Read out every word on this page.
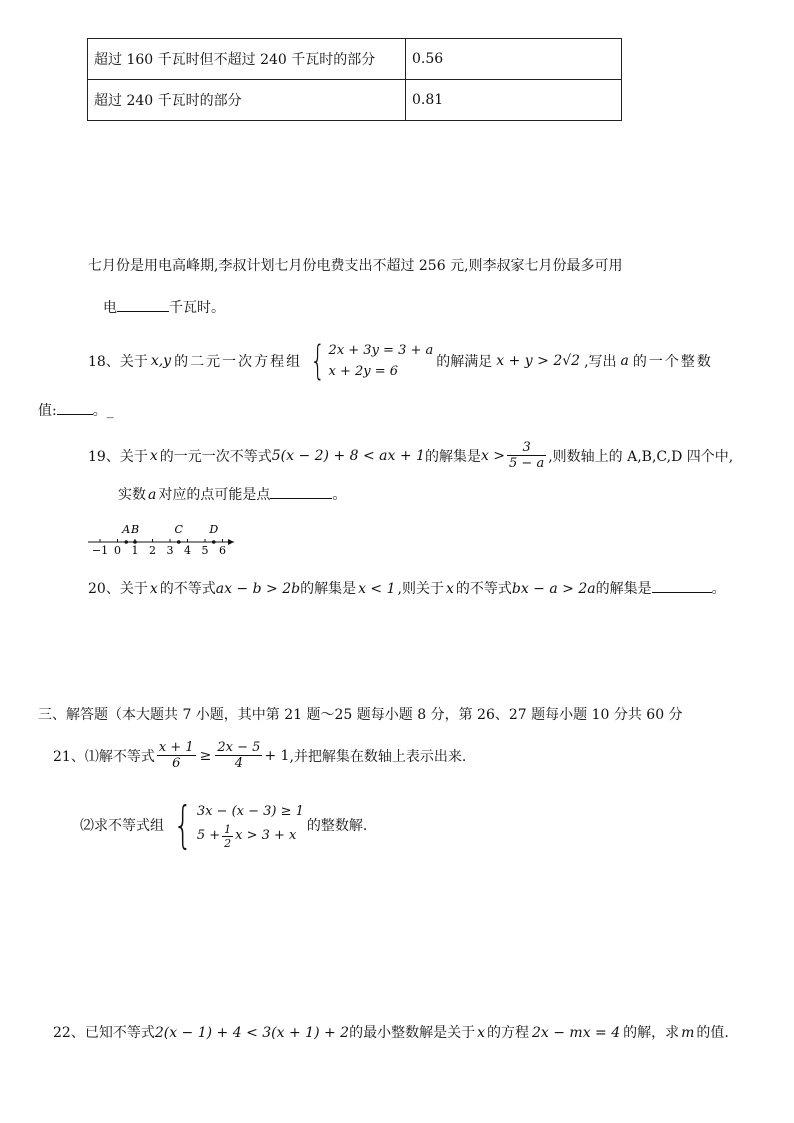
超过 160 千瓦时但不超过 240 千瓦时的部分	0.56
超过 240 千瓦时的部分	0.81
七月份是用电高峰期,李叔计划七月份电费支出不超过 256 元,则李叔家七月份最多可用
电	千瓦时。
18、关于 x,y 的二元一次方程组 { 2x + 3y = 3 + a
x + 2y = 6
的解满足 x + y > 2√2 ,写出 a 的一个整数
值:	。_
19、关于 x 的一元一次不等式 5(x − 2) + 8 < ax + 1 的解集是 $x > \frac{3}{5 - a}$ ,则数轴上的 A,B,C,D 四个中,
实数 a 对应的点可能是点	。
−1 0 1 2 3 4 5 6
A B	C D
20、关于 x 的不等式ax − b > 2b的解集是 x < 1 ,则关于 x 的不等式bx − a > 2a的解集是	。
三、解答题（本大题共 7 小题，其中第 21 题～25 题每小题 8 分，第 26、27 题每小题 10 分共 60 分
21、⑴解不等式 $\frac{x + 1}{6} \ge \frac{2x - 5}{4} + 1$ ,并把解集在数轴上表示出来.
⑵求不等式组 { 3x − (x − 3) ≥ 1
$5 + \frac{1}{2}$ x > 3 + x
的整数解.
22、已知不等式2(x − 1) + 4 < 3(x + 1) + 2的最小整数解是关于 x 的方程 2x − mx = 4 的解，求 m 的值.
